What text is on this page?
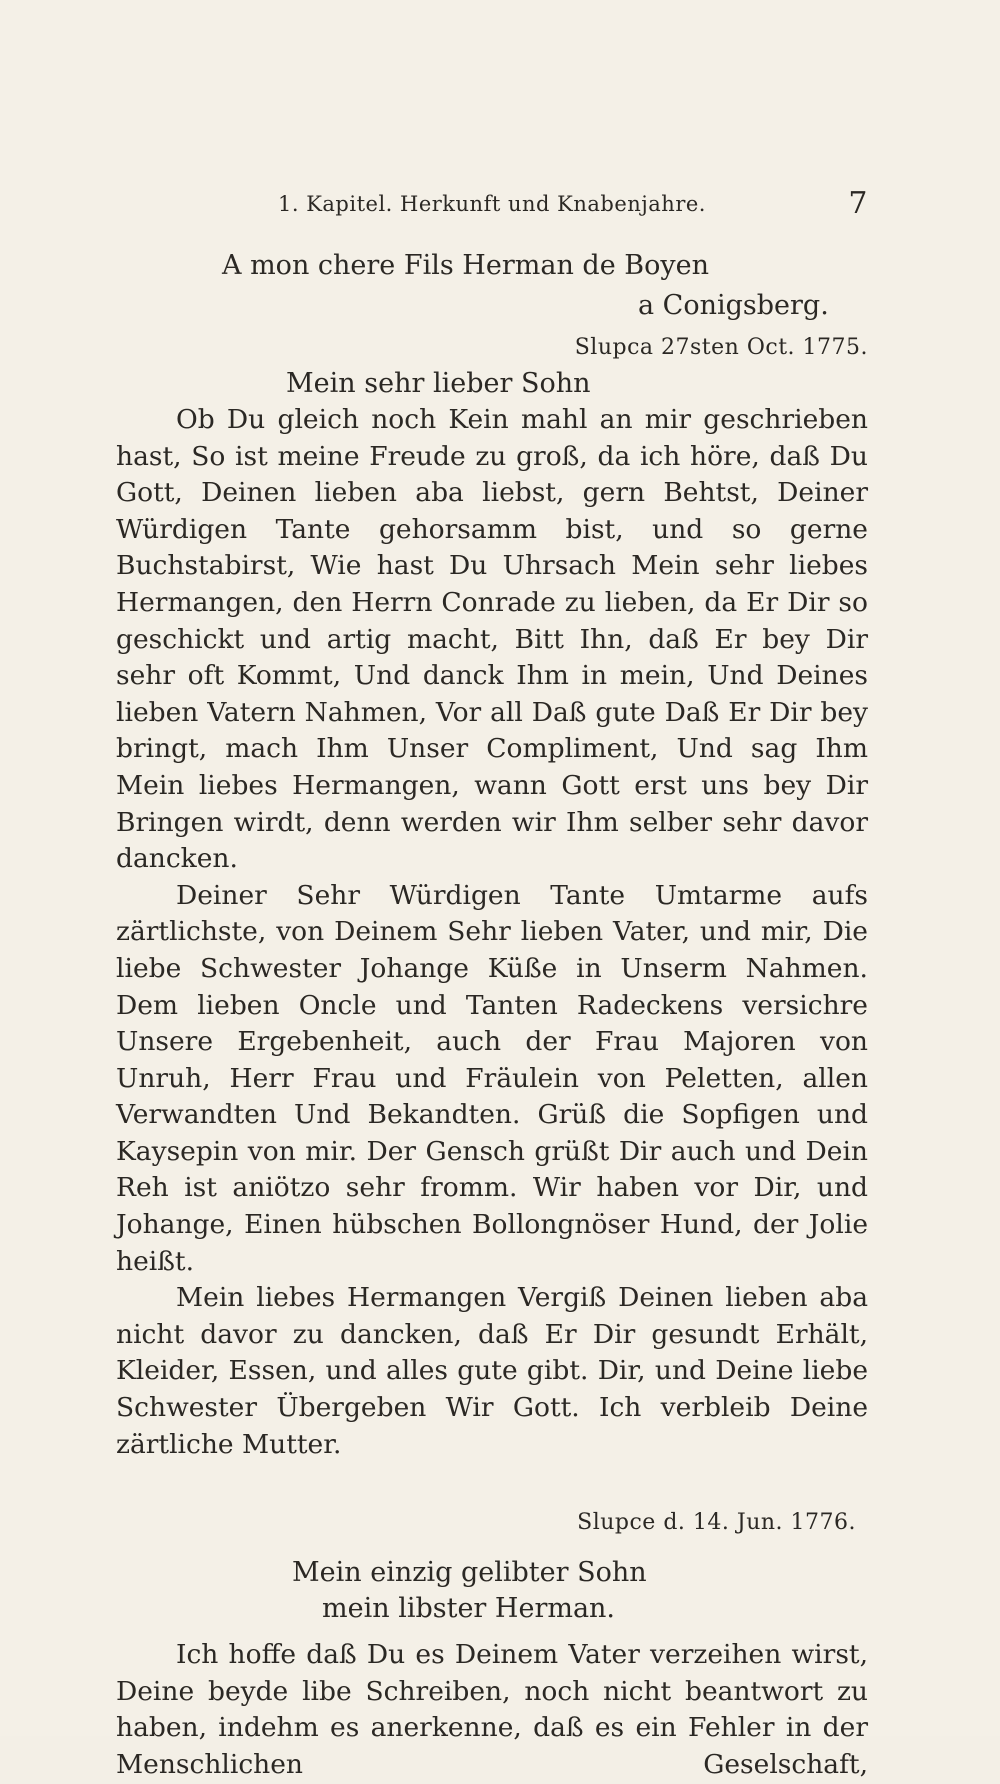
1. Kapitel. Herkunft und Knabenjahre.	7
A mon chere Fils Herman de Boyen
a Conigsberg.
Slupca 27sten Oct. 1775.
Mein sehr lieber Sohn

Ob Du gleich noch Kein mahl an mir geschrieben hast, So ist meine Freude zu groß, da ich höre, daß Du Gott, Deinen lieben aba liebst, gern Behtst, Deiner Würdigen Tante gehorsamm bist, und so gerne Buchstabirst, Wie hast Du Uhrsach Mein sehr liebes Hermangen, den Herrn Conrade zu lieben, da Er Dir so geschickt und artig macht, Bitt Ihn, daß Er bey Dir sehr oft Kommt, Und danck Ihm in mein, Und Deines lieben Vatern Nahmen, Vor all Daß gute Daß Er Dir bey bringt, mach Ihm Unser Compliment, Und sag Ihm Mein liebes Hermangen, wann Gott erst uns bey Dir Bringen wirdt, denn werden wir Ihm selber sehr davor dancken.

Deiner Sehr Würdigen Tante Umtarme aufs zärtlichste, von Deinem Sehr lieben Vater, und mir, Die liebe Schwester Johange Küße in Unserm Nahmen. Dem lieben Oncle und Tanten Radeckens versichre Unsere Ergebenheit, auch der Frau Majoren von Unruh, Herr Frau und Fräulein von Peletten, allen Verwandten Und Bekandten. Grüß die Sopfigen und Kaysерin von mir. Der Gensch grüßt Dir auch und Dein Reh ist aniötzo sehr fromm. Wir haben vor Dir, und Johange, Einen hübschen Bollongnöser Hund, der Jolie heißt.

Mein liebes Hermangen Vergiß Deinen lieben aba nicht davor zu dancken, daß Er Dir gesundt Erhält, Kleider, Essen, und alles gute gibt. Dir, und Deine liebe Schwester Übergeben Wir Gott. Ich verbleib Deine zärtliche Mutter.

Slupce d. 14. Jun. 1776.
Mein einzig gelibter Sohn
mein libster Herman.

Ich hoffe daß Du es Deinem Vater verzeihen wirst, Deine beyde libe Schreiben, noch nicht beantwort zu haben, indehm es anerkenne, daß es ein Fehler in der Menschlichen Geselschaft,
